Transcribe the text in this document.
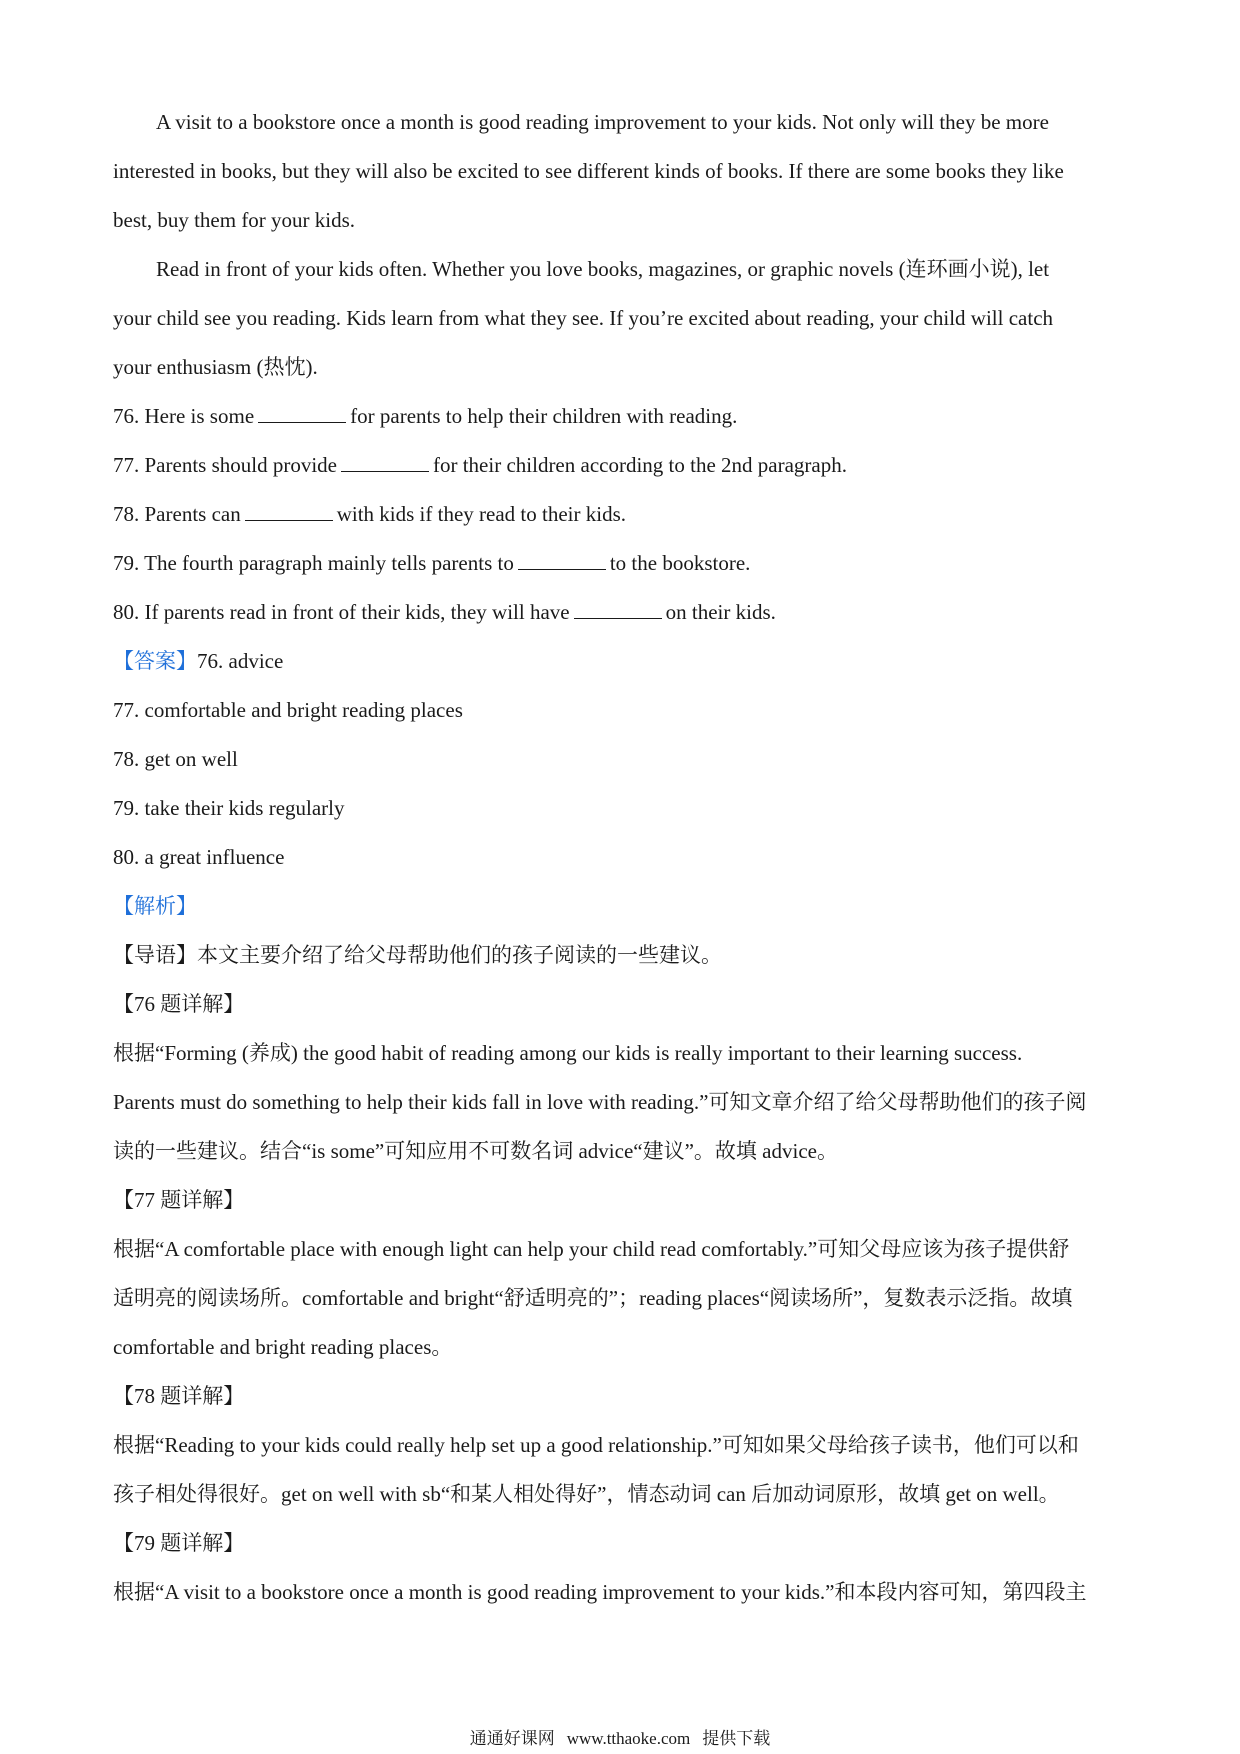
A visit to a bookstore once a month is good reading improvement to your kids. Not only will they be more
interested in books, but they will also be excited to see different kinds of books. If there are some books they like
best, buy them for your kids.
Read in front of your kids often. Whether you love books, magazines, or graphic novels (连环画小说), let
your child see you reading. Kids learn from what they see. If you’re excited about reading, your child will catch
your enthusiasm (热忱).
76. Here is some	for parents to help their children with reading.
77. Parents should provide	for their children according to the 2nd paragraph.
78. Parents can	with kids if they read to their kids.
79. The fourth paragraph mainly tells parents to	to the bookstore.
80. If parents read in front of their kids, they will have	on their kids.
【答案】76. advice
77. comfortable and bright reading places
78. get on well
79. take their kids regularly
80. a great influence
【解析】
【导语】本文主要介绍了给父母帮助他们的孩子阅读的一些建议。
【76 题详解】
根据“Forming (养成) the good habit of reading among our kids is really important to their learning success.
Parents must do something to help their kids fall in love with reading.”可知文章介绍了给父母帮助他们的孩子阅
读的一些建议。结合“is some”可知应用不可数名词 advice“建议”。故填 advice。
【77 题详解】
根据“A comfortable place with enough light can help your child read comfortably.”可知父母应该为孩子提供舒
适明亮的阅读场所。comfortable and bright“舒适明亮的”；reading places“阅读场所”，复数表示泛指。故填
comfortable and bright reading places。
【78 题详解】
根据“Reading to your kids could really help set up a good relationship.”可知如果父母给孩子读书，他们可以和
孩子相处得很好。get on well with sb“和某人相处得好”，情态动词 can 后加动词原形，故填 get on well。
【79 题详解】
根据“A visit to a bookstore once a month is good reading improvement to your kids.”和本段内容可知，第四段主
通通好课网 www.tthaoke.com 提供下载
